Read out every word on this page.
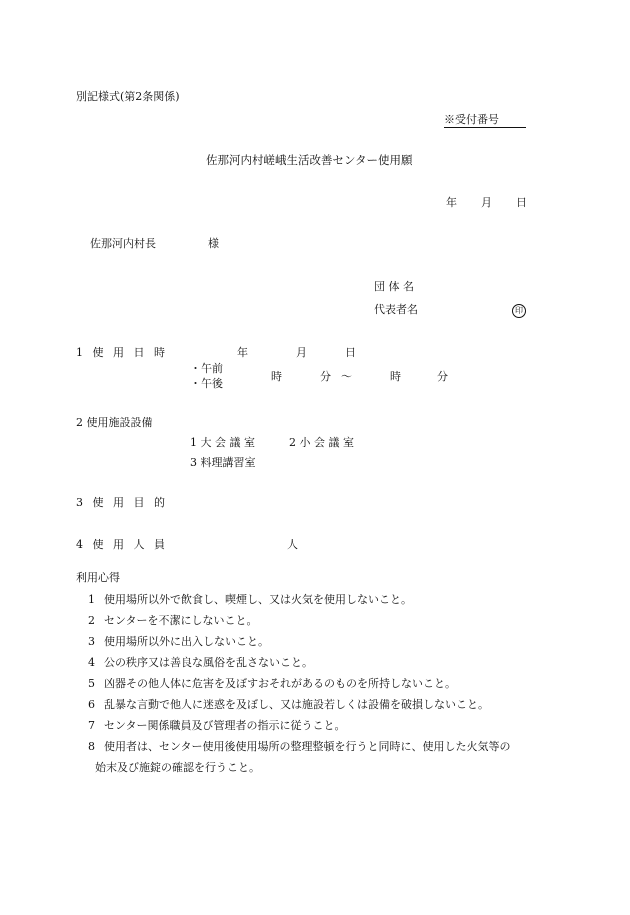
別記様式(第2条関係)
※受付番号
佐那河内村嵯峨生活改善センター使用願
年 月 日
佐那河内村長	様
団 体 名
代表者名	印
1 使 用 日 時	年	月	日
・午前
・午後
時	分 ～	時	分
2 使用施設設備
1 大 会 議 室	2 小 会 議 室
3 料理講習室
3 使 用 目 的
4 使 用 人 員	人
利用心得
1 使用場所以外で飲食し、喫煙し、又は火気を使用しないこと。
2 センターを不潔にしないこと。
3 使用場所以外に出入しないこと。
4 公の秩序又は善良な風俗を乱さないこと。
5 凶器その他人体に危害を及ぼすおそれがあるのものを所持しないこと。
6 乱暴な言動で他人に迷惑を及ぼし、又は施設若しくは設備を破損しないこと。
7 センター関係職員及び管理者の指示に従うこと。
8 使用者は、センター使用後使用場所の整理整頓を行うと同時に、使用した火気等の
始末及び施錠の確認を行うこと。
